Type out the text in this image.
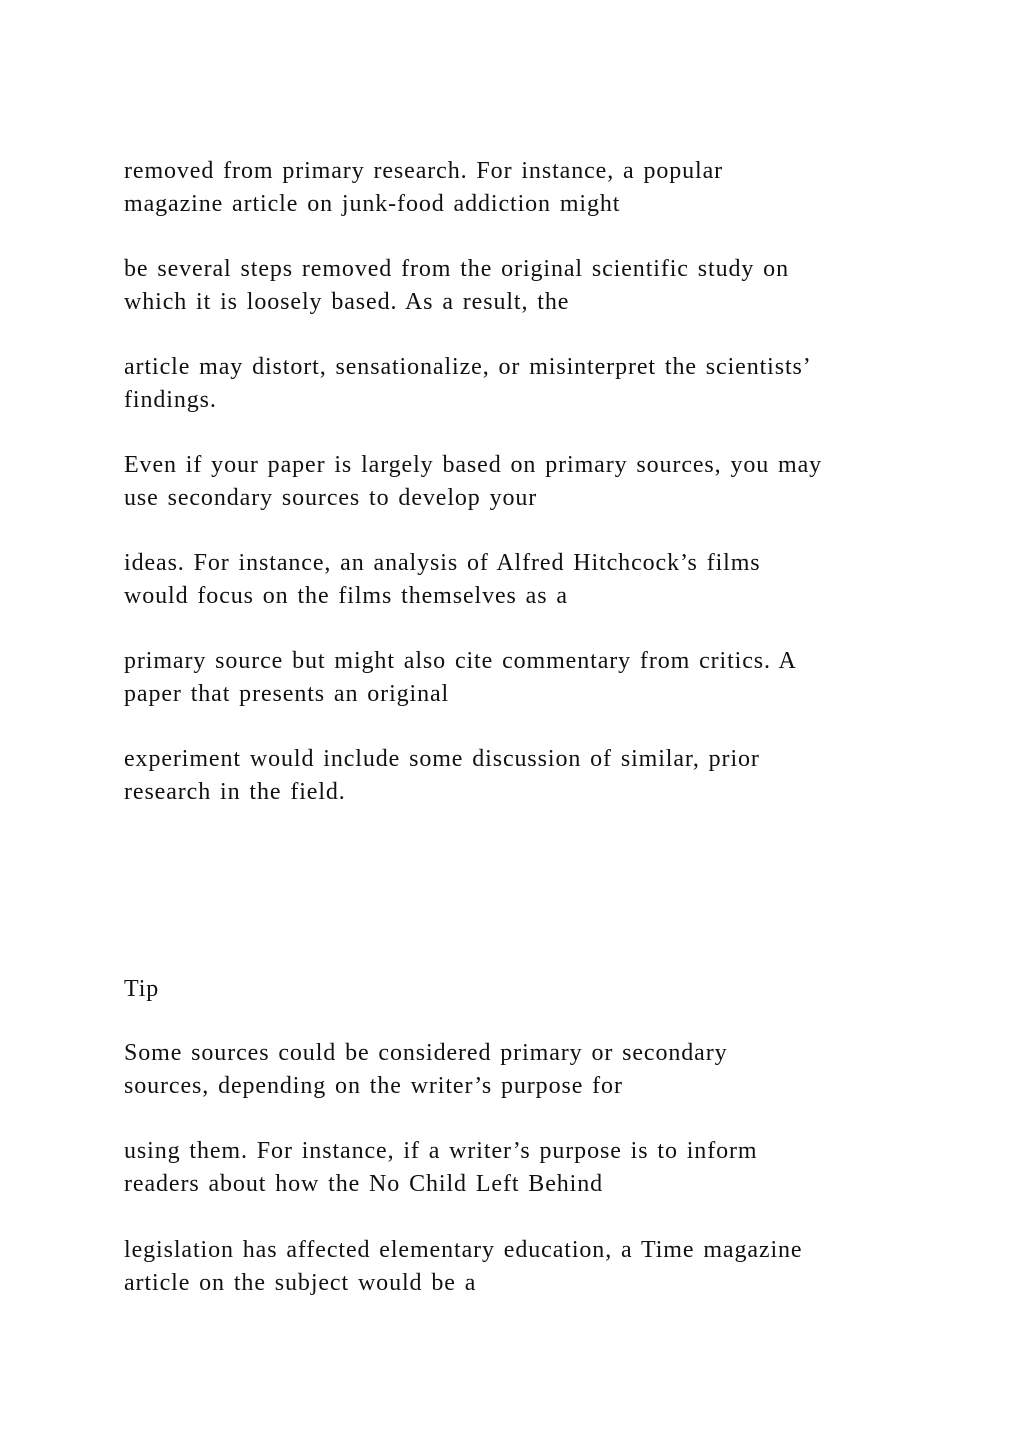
removed from primary research. For instance, a popular
magazine article on junk-food addiction might

be several steps removed from the original scientific study on
which it is loosely based. As a result, the

article may distort, sensationalize, or misinterpret the scientists’
findings.

Even if your paper is largely based on primary sources, you may
use secondary sources to develop your

ideas. For instance, an analysis of Alfred Hitchcock’s films
would focus on the films themselves as a

primary source but might also cite commentary from critics. A
paper that presents an original

experiment would include some discussion of similar, prior
research in the field.

Tip

Some sources could be considered primary or secondary
sources, depending on the writer’s purpose for

using them. For instance, if a writer’s purpose is to inform
readers about how the No Child Left Behind

legislation has affected elementary education, a Time magazine
article on the subject would be a
